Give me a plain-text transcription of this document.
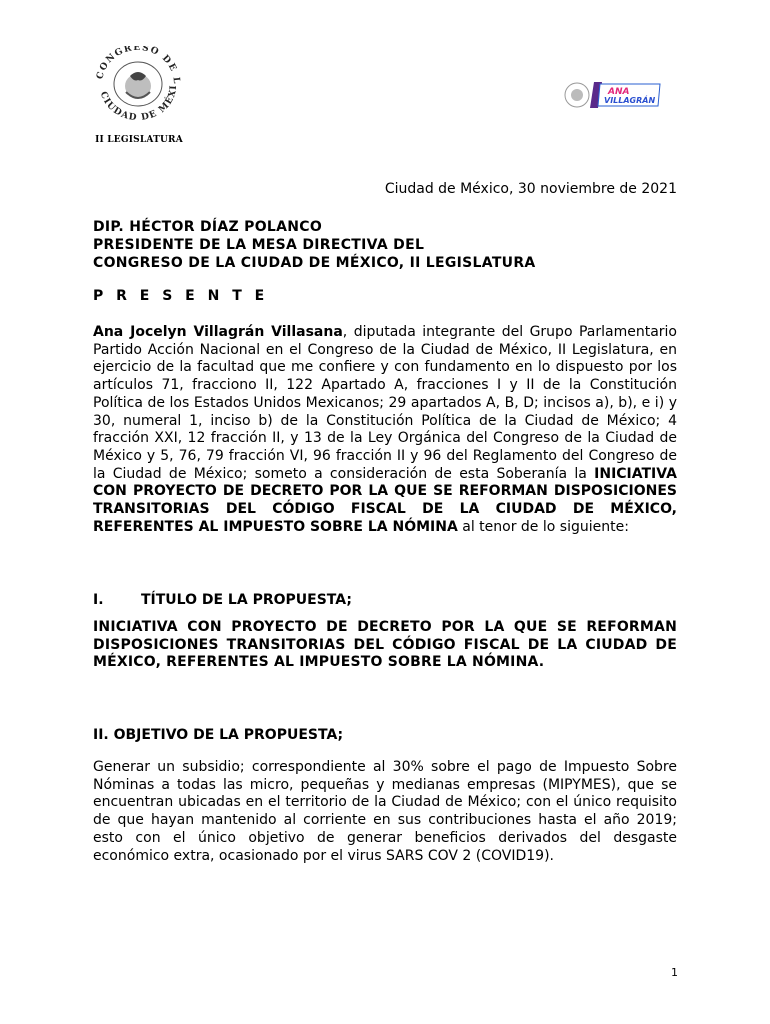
CONGRESO DE L
CIUDAD DE MÉXI
II LEGISLATURA
ANA
VILLAGRÁN
Ciudad de México, 30 noviembre de 2021
DIP. HÉCTOR DÍAZ POLANCO
PRESIDENTE DE LA MESA DIRECTIVA DEL
CONGRESO DE LA CIUDAD DE MÉXICO, II LEGISLATURA
P R E S E N T E
Ana Jocelyn Villagrán Villasana, diputada integrante del Grupo Parlamentario Partido Acción Nacional en el Congreso de la Ciudad de México, II Legislatura, en ejercicio de la facultad que me confiere y con fundamento en lo dispuesto por los artículos 71, fracciono II, 122 Apartado A, fracciones I y II de la Constitución Política de los Estados Unidos Mexicanos; 29 apartados A, B, D; incisos a), b), e i) y 30, numeral 1, inciso b) de la Constitución Política de la Ciudad de México; 4 fracción XXI, 12 fracción II, y 13 de la Ley Orgánica del Congreso de la Ciudad de México y 5, 76, 79 fracción VI, 96 fracción II y 96 del Reglamento del Congreso de la Ciudad de México; someto a consideración de esta Soberanía la INICIATIVA CON PROYECTO DE DECRETO POR LA QUE SE REFORMAN DISPOSICIONES TRANSITORIAS DEL CÓDIGO FISCAL DE LA CIUDAD DE MÉXICO, REFERENTES AL IMPUESTO SOBRE LA NÓMINA al tenor de lo siguiente:
I.	TÍTULO DE LA PROPUESTA;
INICIATIVA CON PROYECTO DE DECRETO POR LA QUE SE REFORMAN DISPOSICIONES TRANSITORIAS DEL CÓDIGO FISCAL DE LA CIUDAD DE MÉXICO, REFERENTES AL IMPUESTO SOBRE LA NÓMINA.
II. OBJETIVO DE LA PROPUESTA;
Generar un subsidio; correspondiente al 30% sobre el pago de Impuesto Sobre Nóminas a todas las micro, pequeñas y medianas empresas (MIPYMES), que se encuentran ubicadas en el territorio de la Ciudad de México; con el único requisito de que hayan mantenido al corriente en sus contribuciones hasta el año 2019; esto con el único objetivo de generar beneficios derivados del desgaste económico extra, ocasionado por el virus SARS COV 2 (COVID19).
1
